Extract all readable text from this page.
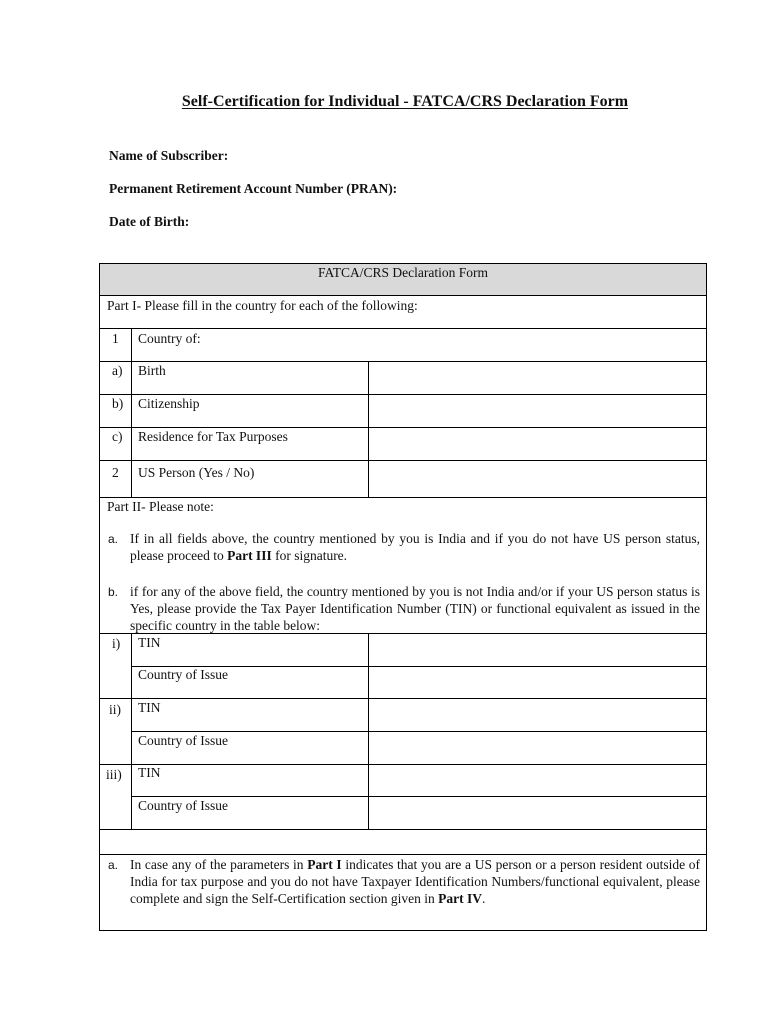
Self-Certification for Individual - FATCA/CRS Declaration Form
Name of Subscriber:
Permanent Retirement Account Number (PRAN):
Date of Birth:
FATCA/CRS Declaration Form
Part I- Please fill in the country for each of the following:
1 Country of:
a) Birth
b) Citizenship
c) Residence for Tax Purposes
2 US Person (Yes / No)
Part II- Please note:
a. If in all fields above, the country mentioned by you is India and if you do not have US person status, please proceed to Part III for signature.
b. if for any of the above field, the country mentioned by you is not India and/or if your US person status is Yes, please provide the Tax Payer Identification Number (TIN) or functional equivalent as issued in the specific country in the table below:
i) TIN
Country of Issue
ii) TIN
Country of Issue
iii) TIN
Country of Issue
a. In case any of the parameters in Part I indicates that you are a US person or a person resident outside of India for tax purpose and you do not have Taxpayer Identification Numbers/functional equivalent, please complete and sign the Self-Certification section given in Part IV.
